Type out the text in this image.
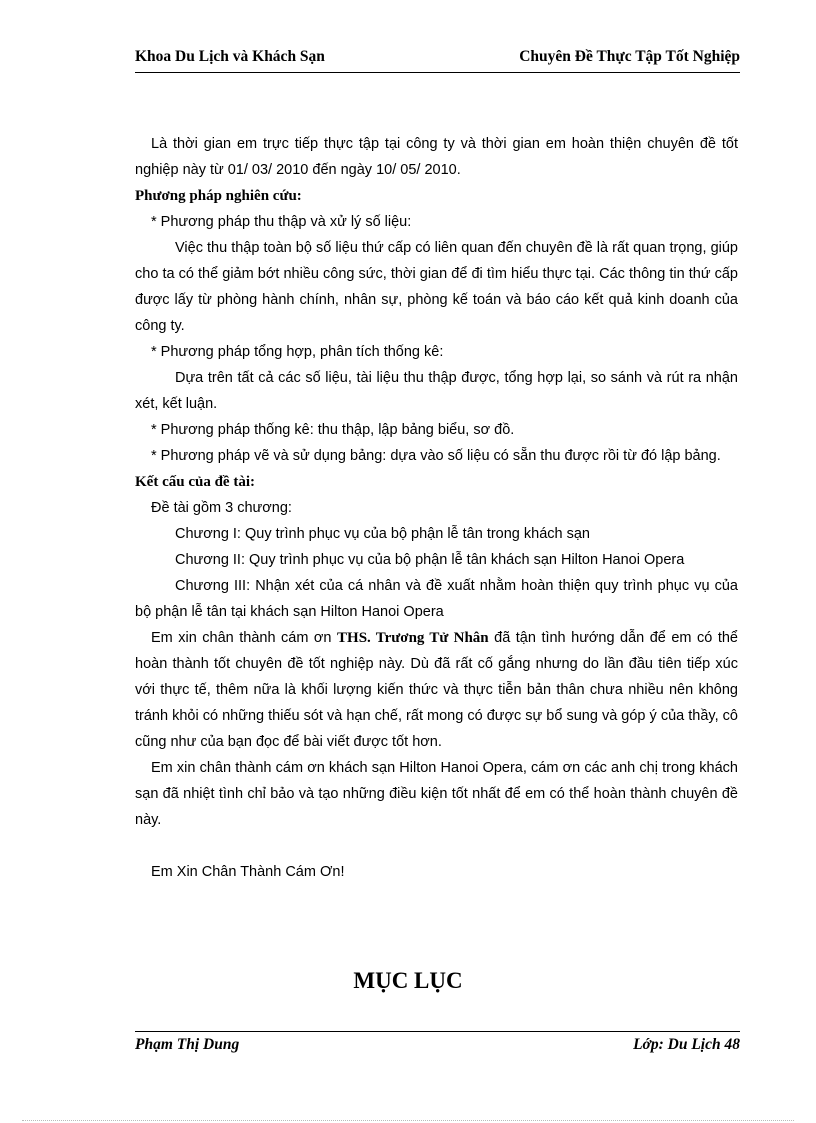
Khoa Du Lịch và Khách Sạn	Chuyên Đề Thực Tập Tốt Nghiệp

Là thời gian em trực tiếp thực tập tại công ty và thời gian em hoàn thiện chuyên đề tốt nghiệp này từ 01/ 03/ 2010 đến ngày 10/ 05/ 2010.

Phương pháp nghiên cứu:

* Phương pháp thu thập và xử lý số liệu:

Việc thu thập toàn bộ số liệu thứ cấp có liên quan đến chuyên đề là rất quan trọng, giúp cho ta có thể giảm bớt nhiều công sức, thời gian để đi tìm hiểu thực tại. Các thông tin thứ cấp được lấy từ phòng hành chính, nhân sự, phòng kế toán và báo cáo kết quả kinh doanh của công ty.

* Phương pháp tổng hợp, phân tích thống kê:

Dựa trên tất cả các số liệu, tài liệu thu thập được, tổng hợp lại, so sánh và rút ra nhận xét, kết luận.

* Phương pháp thống kê: thu thập, lập bảng biểu, sơ đồ.

* Phương pháp vẽ và sử dụng bảng: dựa vào số liệu có sẵn thu được rồi từ đó lập bảng.

Kết cấu của đề tài:

Đề tài gồm 3 chương:

Chương I: Quy trình phục vụ của bộ phận lễ tân trong khách sạn

Chương II: Quy trình phục vụ của bộ phận lễ tân khách sạn Hilton Hanoi Opera

Chương III: Nhận xét của cá nhân và đề xuất nhằm hoàn thiện quy trình phục vụ của bộ phận lễ tân tại khách sạn Hilton Hanoi Opera

Em xin chân thành cám ơn THS. Trương Tử Nhân đã tận tình hướng dẫn để em có thể hoàn thành tốt chuyên đề tốt nghiệp này. Dù đã rất cố gắng nhưng do lần đầu tiên tiếp xúc với thực tế, thêm nữa là khối lượng kiến thức và thực tiễn bản thân chưa nhiều nên không tránh khỏi có những thiếu sót và hạn chế, rất mong có được sự bổ sung và góp ý của thầy, cô cũng như của bạn đọc để bài viết được tốt hơn.

Em xin chân thành cám ơn khách sạn Hilton Hanoi Opera, cám ơn các anh chị trong khách sạn đã nhiệt tình chỉ bảo và tạo những điều kiện tốt nhất để em có thể hoàn thành chuyên đề này.

Em Xin Chân Thành Cám Ơn!

MỤC LỤC
Phạm Thị Dung	Lớp: Du Lịch 48
